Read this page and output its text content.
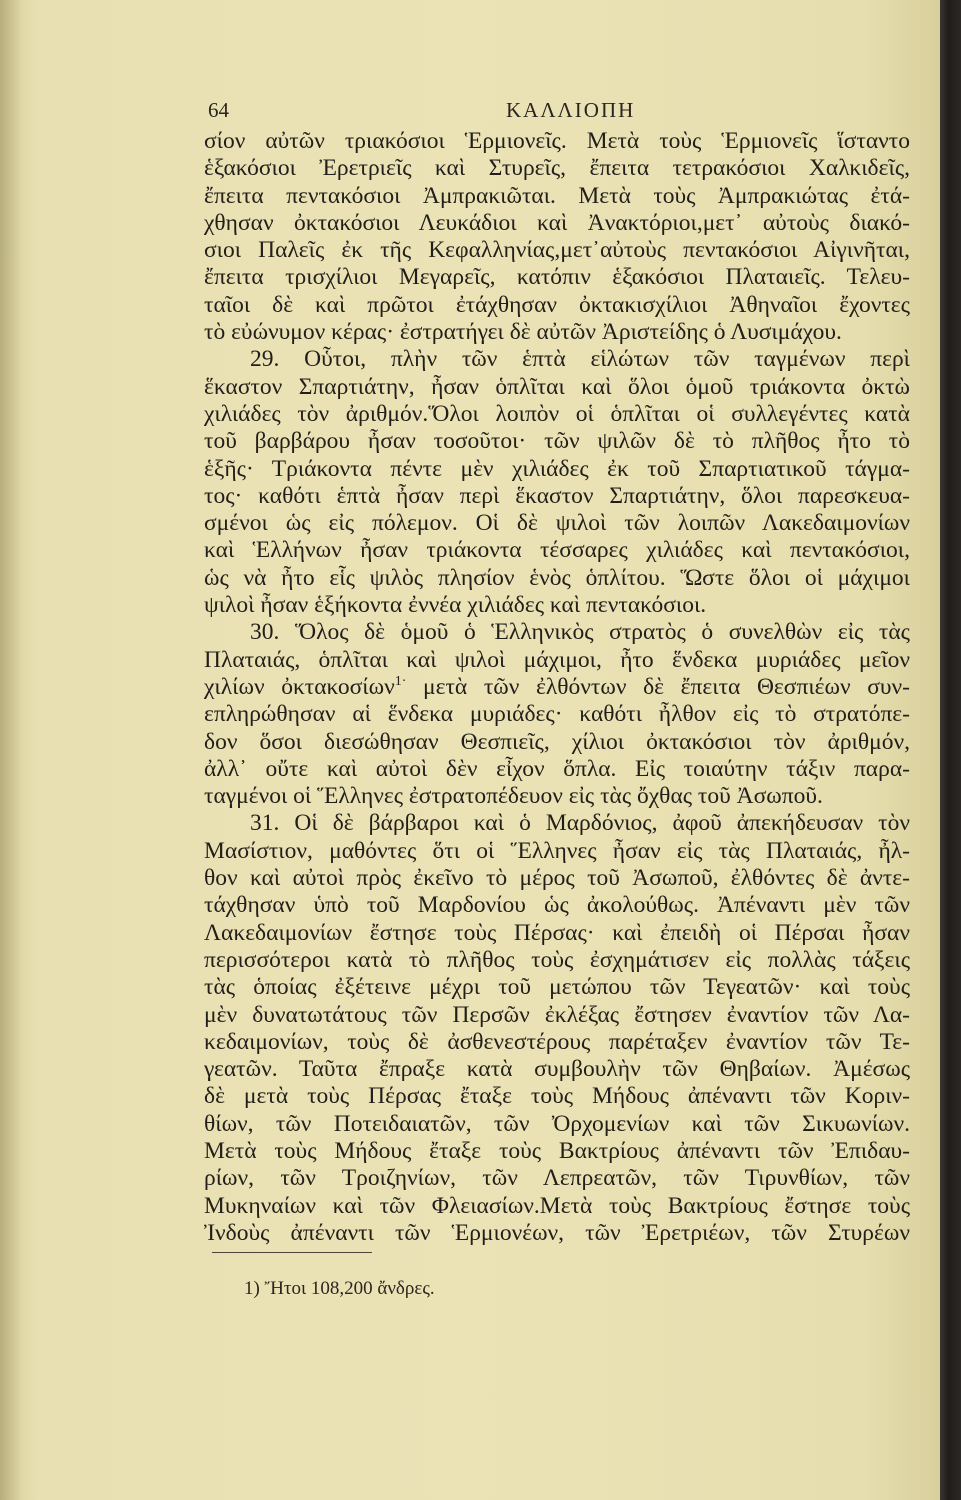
64	ΚΑΛΛΙΟΠΗ
σίον αὐτῶν τριακόσιοι Ἑρμιονεῖς. Μετὰ τοὺς Ἑρμιονεῖς ἵσταντο
ἑξακόσιοι Ἐρετριεῖς καὶ Στυρεῖς, ἔπειτα τετρακόσιοι Χαλκιδεῖς,
ἔπειτα πεντακόσιοι Ἀμπρακιῶται. Μετὰ τοὺς Ἀμπρακιώτας ἐτά-
χθησαν ὀκτακόσιοι Λευκάδιοι καὶ Ἀνακτόριοι,μετ᾽ αὐτοὺς διακό-
σιοι Παλεῖς ἐκ τῆς Κεφαλληνίας,μετ᾽αὐτοὺς πεντακόσιοι Αἰγινῆται,
ἔπειτα τρισχίλιοι Μεγαρεῖς, κατόπιν ἑξακόσιοι Πλαταιεῖς. Τελευ-
ταῖοι δὲ καὶ πρῶτοι ἐτάχθησαν ὀκτακισχίλιοι Ἀθηναῖοι ἔχοντες
τὸ εὐώνυμον κέρας· ἐστρατήγει δὲ αὐτῶν Ἀριστείδης ὁ Λυσιμάχου.
29. Οὗτοι, πλὴν τῶν ἑπτὰ εἱλώτων τῶν ταγμένων περὶ
ἕκαστον Σπαρτιάτην, ἦσαν ὁπλῖται καὶ ὅλοι ὁμοῦ τριάκοντα ὀκτὼ
χιλιάδες τὸν ἀριθμόν.Ὅλοι λοιπὸν οἱ ὁπλῖται οἱ συλλεγέντες κατὰ
τοῦ βαρβάρου ἦσαν τοσοῦτοι· τῶν ψιλῶν δὲ τὸ πλῆθος ἦτο τὸ
ἑξῆς· Τριάκοντα πέντε μὲν χιλιάδες ἐκ τοῦ Σπαρτιατικοῦ τάγμα-
τος· καθότι ἑπτὰ ἦσαν περὶ ἕκαστον Σπαρτιάτην, ὅλοι παρεσκευα-
σμένοι ὡς εἰς πόλεμον. Οἱ δὲ ψιλοὶ τῶν λοιπῶν Λακεδαιμονίων
καὶ Ἑλλήνων ἦσαν τριάκοντα τέσσαρες χιλιάδες καὶ πεντακόσιοι,
ὡς νὰ ἦτο εἷς ψιλὸς πλησίον ἑνὸς ὁπλίτου. Ὥστε ὅλοι οἱ μάχιμοι
ψιλοὶ ἦσαν ἑξήκοντα ἐννέα χιλιάδες καὶ πεντακόσιοι.
30. Ὅλος δὲ ὁμοῦ ὁ Ἑλληνικὸς στρατὸς ὁ συνελθὼν εἰς τὰς
Πλαταιάς, ὁπλῖται καὶ ψιλοὶ μάχιμοι, ἦτο ἕνδεκα μυριάδες μεῖον
χιλίων ὀκτακοσίων$^{1\cdot}$ μετὰ τῶν ἐλθόντων δὲ ἔπειτα Θεσπιέων συν-
επληρώθησαν αἱ ἕνδεκα μυριάδες· καθότι ἦλθον εἰς τὸ στρατόπε-
δον ὅσοι διεσώθησαν Θεσπιεῖς, χίλιοι ὀκτακόσιοι τὸν ἀριθμόν,
ἀλλ᾽ οὔτε καὶ αὐτοὶ δὲν εἶχον ὅπλα. Εἰς τοιαύτην τάξιν παρα-
ταγμένοι οἱ Ἕλληνες ἐστρατοπέδευον εἰς τὰς ὄχθας τοῦ Ἀσωποῦ.
31. Οἱ δὲ βάρβαροι καὶ ὁ Μαρδόνιος, ἀφοῦ ἀπεκήδευσαν τὸν
Μασίστιον, μαθόντες ὅτι οἱ Ἕλληνες ἦσαν εἰς τὰς Πλαταιάς, ἦλ-
θον καὶ αὐτοὶ πρὸς ἐκεῖνο τὸ μέρος τοῦ Ἀσωποῦ, ἐλθόντες δὲ ἀντε-
τάχθησαν ὑπὸ τοῦ Μαρδονίου ὡς ἀκολούθως. Ἀπέναντι μὲν τῶν
Λακεδαιμονίων ἔστησε τοὺς Πέρσας· καὶ ἐπειδὴ οἱ Πέρσαι ἦσαν
περισσότεροι κατὰ τὸ πλῆθος τοὺς ἐσχημάτισεν εἰς πολλὰς τάξεις
τὰς ὁποίας ἐξέτεινε μέχρι τοῦ μετώπου τῶν Τεγεατῶν· καὶ τοὺς
μὲν δυνατωτάτους τῶν Περσῶν ἐκλέξας ἔστησεν ἐναντίον τῶν Λα-
κεδαιμονίων, τοὺς δὲ ἀσθενεστέρους παρέταξεν ἐναντίον τῶν Τε-
γεατῶν. Ταῦτα ἔπραξε κατὰ συμβουλὴν τῶν Θηβαίων. Ἀμέσως
δὲ μετὰ τοὺς Πέρσας ἔταξε τοὺς Μήδους ἀπέναντι τῶν Κοριν-
θίων, τῶν Ποτειδαιατῶν, τῶν Ὀρχομενίων καὶ τῶν Σικυωνίων.
Μετὰ τοὺς Μήδους ἔταξε τοὺς Βακτρίους ἀπέναντι τῶν Ἐπιδαυ-
ρίων, τῶν Τροιζηνίων, τῶν Λεπρεατῶν, τῶν Τιρυνθίων, τῶν
Μυκηναίων καὶ τῶν Φλειασίων.Μετὰ τοὺς Βακτρίους ἔστησε τοὺς
Ἰνδοὺς ἀπέναντι τῶν Ἑρμιονέων, τῶν Ἐρετριέων, τῶν Στυρέων
1) Ἤτοι 108,200 ἄνδρες.
